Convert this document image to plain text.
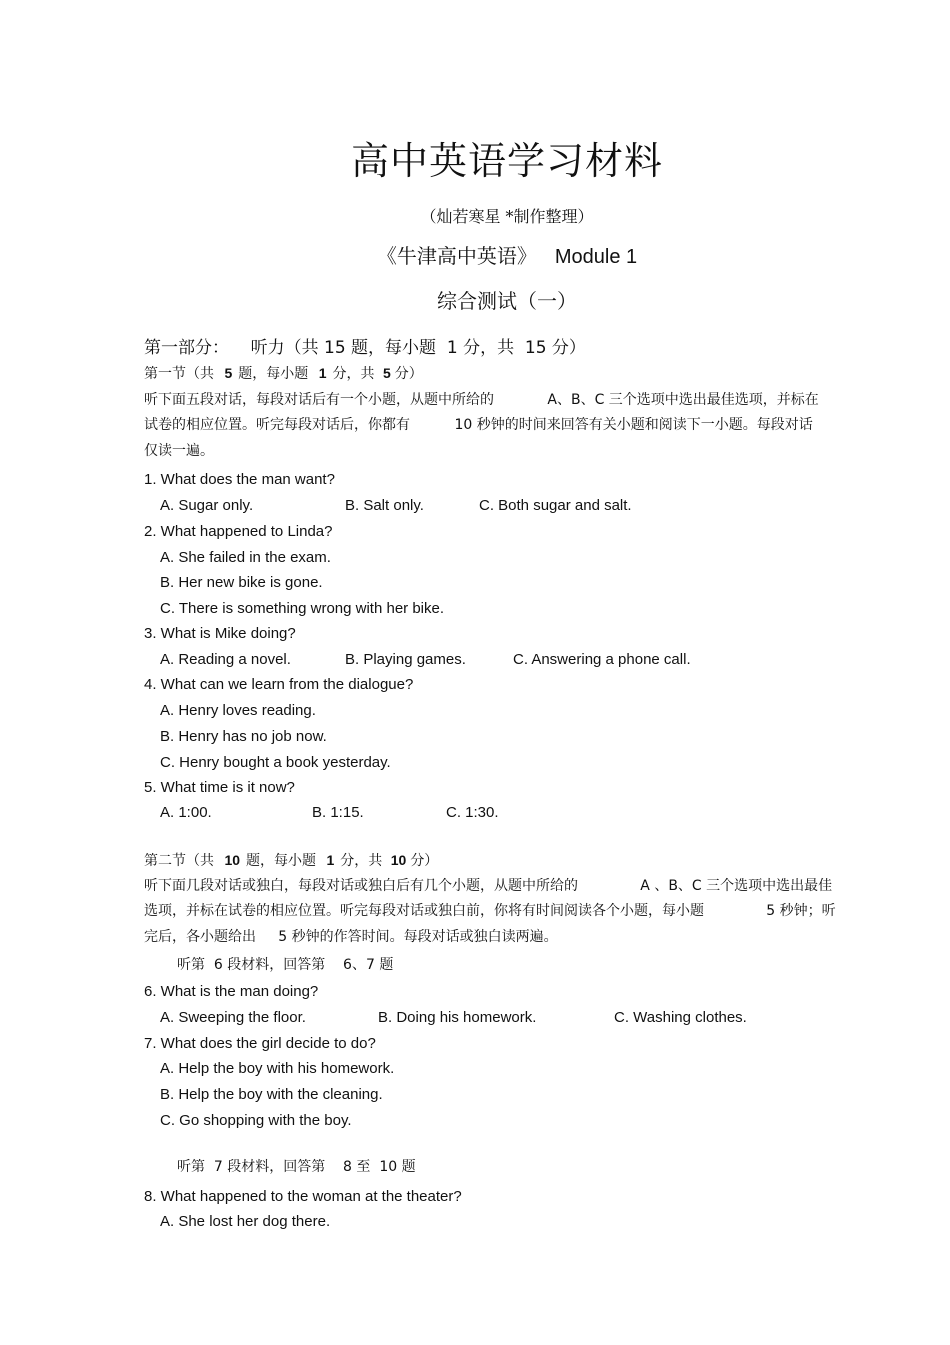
高中英语学习材料
（灿若寒星 *制作整理）
《牛津高中英语》 Module 1
综合测试（一）
第一部分：    听力（共 15 题，每小题  1 分，共  15 分）
第一节（共 5 题，每小题 1 分，共 5 分）
听下面五段对话，每段对话后有一个小题，从题中所给的            A、B、C 三个选项中选出最佳选项，并标在
试卷的相应位置。听完每段对话后，你都有          10 秒钟的时间来回答有关小题和阅读下一小题。每段对话
仅读一遍。
1. What does the man want?
A. Sugar only.	B. Salt only.	C. Both sugar and salt.
2. What happened to Linda?
A. She failed in the exam.
B. Her new bike is gone.
C. There is something wrong with her bike.
3. What is Mike doing?
A. Reading a novel.	B. Playing games.	C. Answering a phone call.
4. What can we learn from the dialogue?
A. Henry loves reading.
B. Henry has no job now.
C. Henry bought a book yesterday.
5. What time is it now?
A. 1:00.	B. 1:15.	C. 1:30.
第二节（共 10 题，每小题 1 分，共 10 分）
听下面几段对话或独白，每段对话或独白后有几个小题，从题中所给的              A 、B、C 三个选项中选出最佳
选项，并标在试卷的相应位置。听完每段对话或独白前，你将有时间阅读各个小题，每小题              5 秒钟；听
完后，各小题给出     5 秒钟的作答时间。每段对话或独白读两遍。
听第  6 段材料，回答第    6、7 题
6. What is the man doing?
A. Sweeping the floor.	B. Doing his homework.	C. Washing clothes.
7. What does the girl decide to do?
A. Help the boy with his homework.
B. Help the boy with the cleaning.
C. Go shopping with the boy.
听第  7 段材料，回答第    8 至  10 题
8. What happened to the woman at the theater?
A. She lost her dog there.
